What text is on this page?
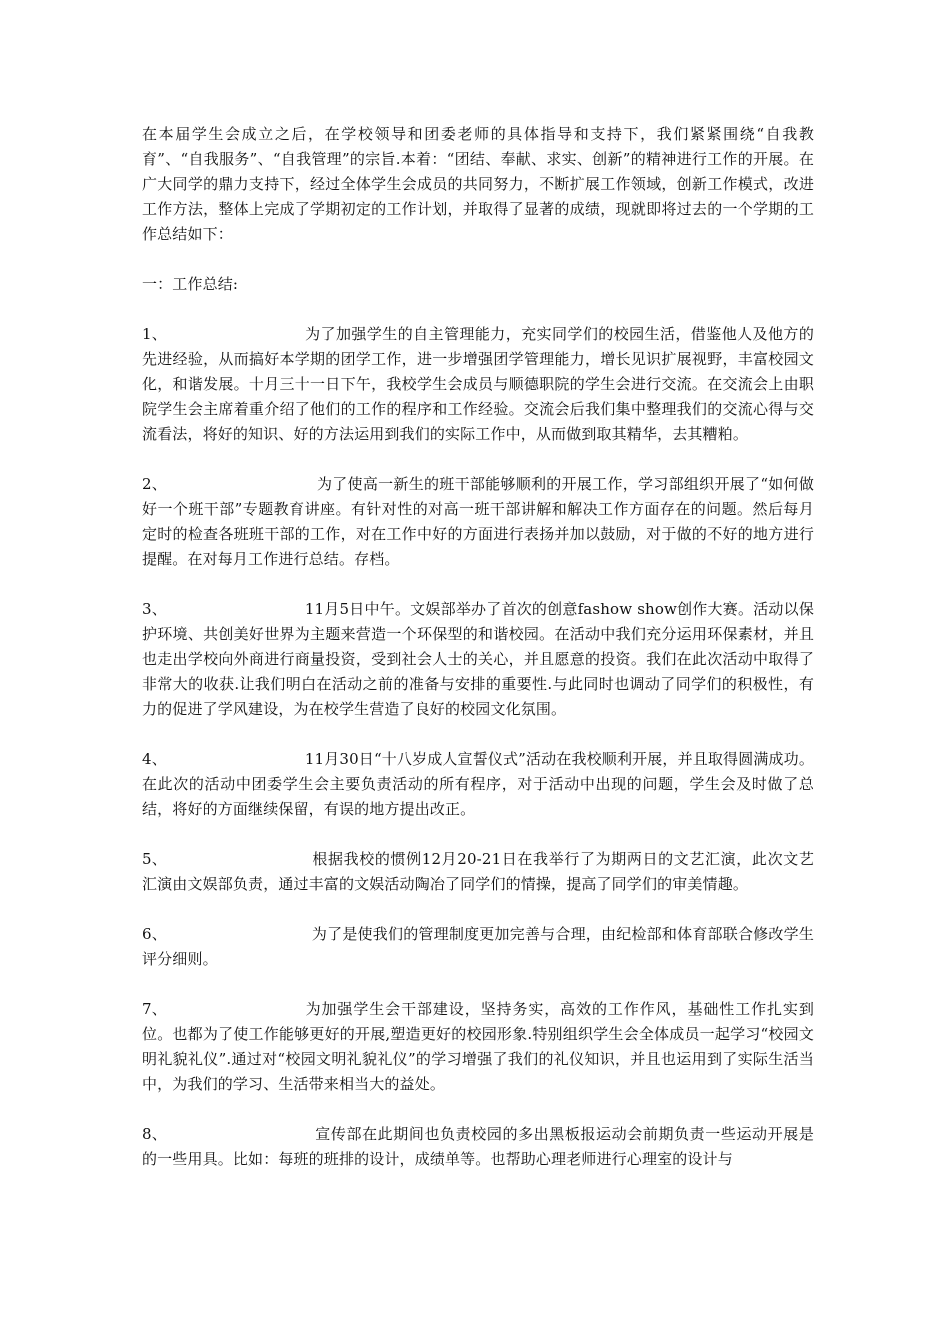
在本届学生会成立之后，在学校领导和团委老师的具体指导和支持下，我们紧紧围绕“自我教育”、“自我服务”、“自我管理”的宗旨.本着：“团结、奉献、求实、创新”的精神进行工作的开展。在广大同学的鼎力支持下，经过全体学生会成员的共同努力，不断扩展工作领域，创新工作模式，改进工作方法，整体上完成了学期初定的工作计划，并取得了显著的成绩，现就即将过去的一个学期的工作总结如下：

一：工作总结:

1、	为了加强学生的自主管理能力，充实同学们的校园生活，借鉴他人及他方的先进经验，从而搞好本学期的团学工作，进一步增强团学管理能力，增长见识扩展视野，丰富校园文化，和谐发展。十月三十一日下午，我校学生会成员与顺德职院的学生会进行交流。在交流会上由职院学生会主席着重介绍了他们的工作的程序和工作经验。交流会后我们集中整理我们的交流心得与交流看法，将好的知识、好的方法运用到我们的实际工作中，从而做到取其精华，去其糟粕。

2、	为了使高一新生的班干部能够顺利的开展工作，学习部组织开展了“如何做好一个班干部”专题教育讲座。有针对性的对高一班干部讲解和解决工作方面存在的问题。然后每月定时的检查各班班干部的工作，对在工作中好的方面进行表扬并加以鼓励，对于做的不好的地方进行提醒。在对每月工作进行总结。存档。

3、	11月5日中午。文娱部举办了首次的创意fashow show创作大赛。活动以保护环境、共创美好世界为主题来营造一个环保型的和谐校园。在活动中我们充分运用环保素材，并且也走出学校向外商进行商量投资，受到社会人士的关心，并且愿意的投资。我们在此次活动中取得了非常大的收获.让我们明白在活动之前的准备与安排的重要性.与此同时也调动了同学们的积极性，有力的促进了学风建设，为在校学生营造了良好的校园文化氛围。

4、	11月30日“十八岁成人宣誓仪式”活动在我校顺利开展，并且取得圆满成功。在此次的活动中团委学生会主要负责活动的所有程序，对于活动中出现的问题，学生会及时做了总结，将好的方面继续保留，有误的地方提出改正。

5、	根据我校的惯例12月20-21日在我举行了为期两日的文艺汇演，此次文艺汇演由文娱部负责，通过丰富的文娱活动陶冶了同学们的情操，提高了同学们的审美情趣。

6、	为了是使我们的管理制度更加完善与合理，由纪检部和体育部联合修改学生评分细则。

7、	为加强学生会干部建设，坚持务实，高效的工作作风，基础性工作扎实到位。也都为了使工作能够更好的开展,塑造更好的校园形象.特别组织学生会全体成员一起学习“校园文明礼貌礼仪”.通过对“校园文明礼貌礼仪”的学习增强了我们的礼仪知识，并且也运用到了实际生活当中，为我们的学习、生活带来相当大的益处。

8、	宣传部在此期间也负责校园的多出黑板报运动会前期负责一些运动开展是的一些用具。比如：每班的班排的设计，成绩单等。也帮助心理老师进行心理室的设计与
